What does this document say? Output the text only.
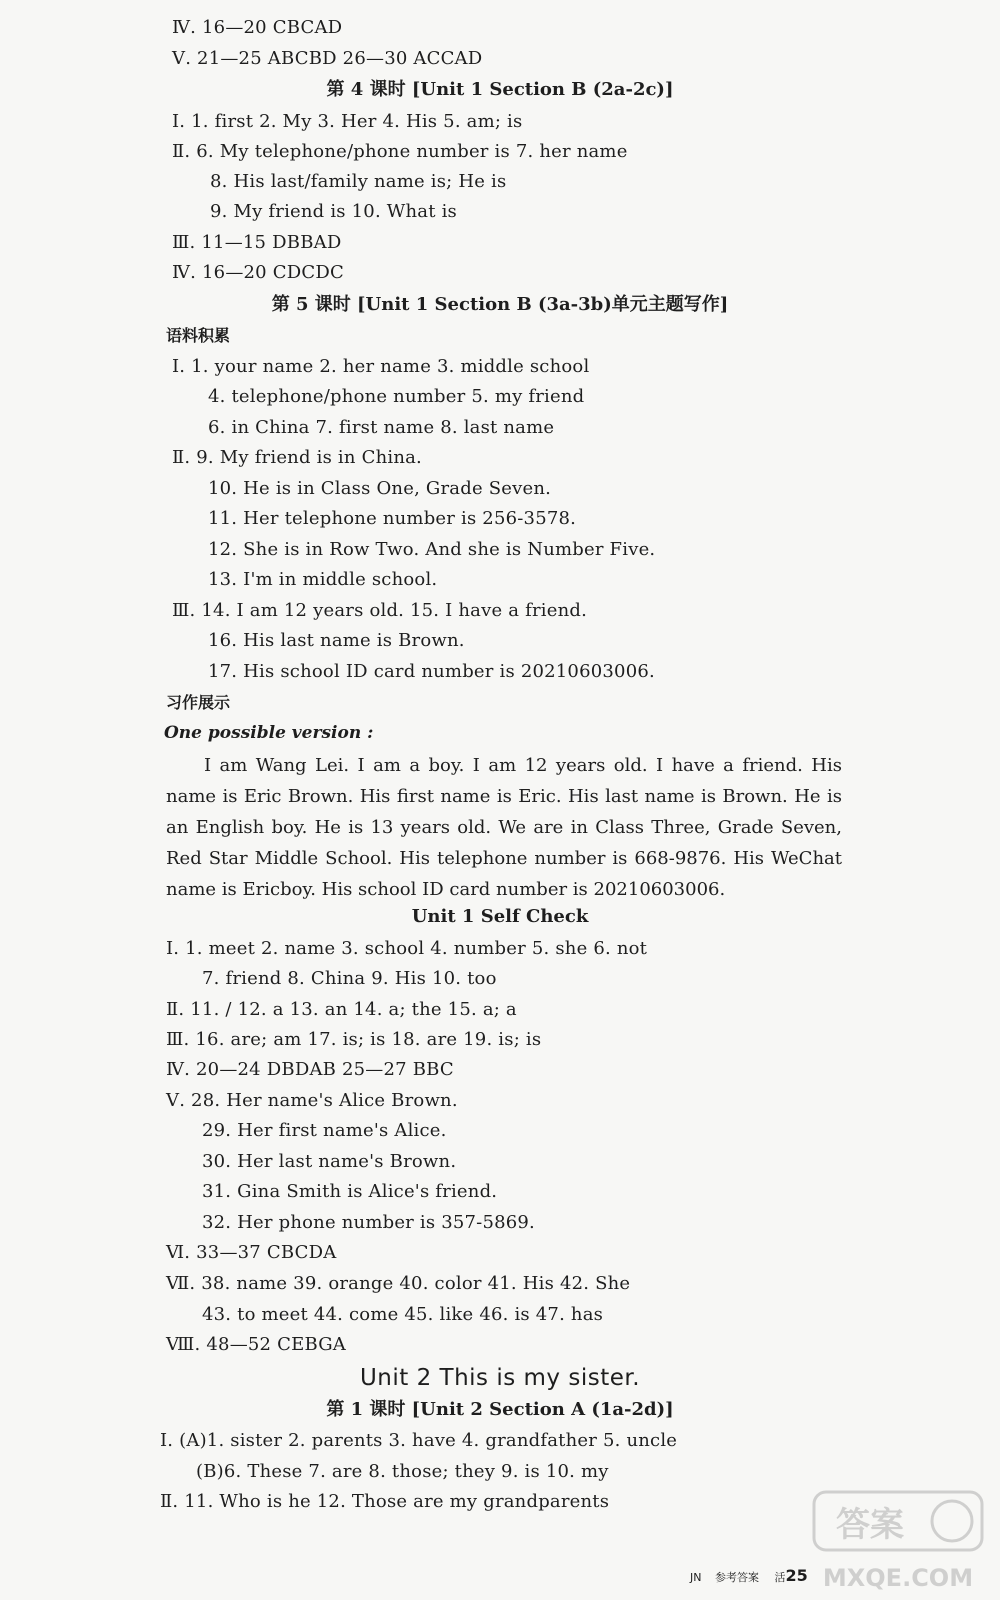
Ⅳ. 16—20 CBCAD
Ⅴ. 21—25 ABCBD 26—30 ACCAD
第 4 课时 [Unit 1 Section B (2a-2c)]
Ⅰ. 1. first 2. My 3. Her 4. His 5. am; is
Ⅱ. 6. My telephone/phone number is 7. her name
8. His last/family name is; He is
9. My friend is 10. What is
Ⅲ. 11—15 DBBAD
Ⅳ. 16—20 CDCDC
第 5 课时 [Unit 1 Section B (3a-3b)单元主题写作]
语料积累
Ⅰ. 1. your name 2. her name 3. middle school
4. telephone/phone number 5. my friend
6. in China 7. first name 8. last name
Ⅱ. 9. My friend is in China.
10. He is in Class One, Grade Seven.
11. Her telephone number is 256-3578.
12. She is in Row Two. And she is Number Five.
13. I'm in middle school.
Ⅲ. 14. I am 12 years old. 15. I have a friend.
16. His last name is Brown.
17. His school ID card number is 20210603006.
习作展示
One possible version :
I am Wang Lei. I am a boy. I am 12 years old. I have a friend. His name is Eric Brown. His first name is Eric. His last name is Brown. He is an English boy. He is 13 years old. We are in Class Three, Grade Seven, Red Star Middle School. His telephone number is 668-9876. His WeChat name is Ericboy. His school ID card number is 20210603006.
Unit 1 Self Check
Ⅰ. 1. meet 2. name 3. school 4. number 5. she 6. not
7. friend 8. China 9. His 10. too
Ⅱ. 11. / 12. a 13. an 14. a; the 15. a; a
Ⅲ. 16. are; am 17. is; is 18. are 19. is; is
Ⅳ. 20—24 DBDAB 25—27 BBC
Ⅴ. 28. Her name's Alice Brown.
29. Her first name's Alice.
30. Her last name's Brown.
31. Gina Smith is Alice's friend.
32. Her phone number is 357-5869.
Ⅵ. 33—37 CBCDA
Ⅶ. 38. name 39. orange 40. color 41. His 42. She
43. to meet 44. come 45. like 46. is 47. has
Ⅷ. 48—52 CEBGA
Unit 2 This is my sister.
第 1 课时 [Unit 2 Section A (1a-2d)]
Ⅰ. (A)1. sister 2. parents 3. have 4. grandfather 5. uncle
(B)6. These 7. are 8. those; they 9. is 10. my
Ⅱ. 11. Who is he 12. Those are my grandparents
JN 参考答案 活25
答案
MXQE.COM
